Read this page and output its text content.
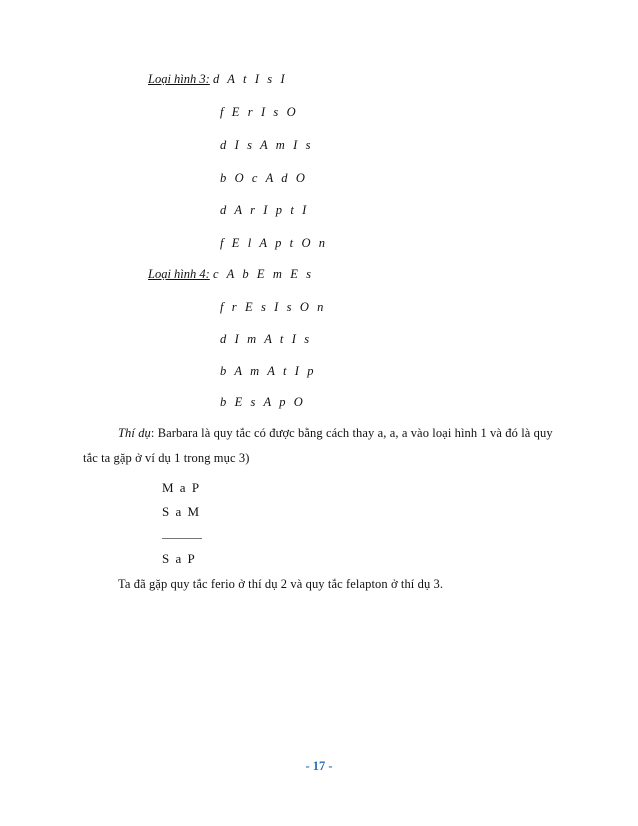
Loại hình 3: d A t I s I
f E r I s O
d I s A m I s
b O c A d O
d A r I p t I
f E l A p t O n
Loại hình 4: c A b E m E s
f r E s I s O n
d I m A t I s
b A m A t I p
b E s A p O
Thí dụ: Barbara là quy tắc có được bằng cách thay a, a, a vào loại hình 1 và đó là quy
tắc ta gặp ở ví dụ 1 trong mục 3)
M a P
S a M
S a P
Ta đã gặp quy tắc ferio ở thí dụ 2 và quy tắc felapton ở thí dụ 3.
- 17 -
